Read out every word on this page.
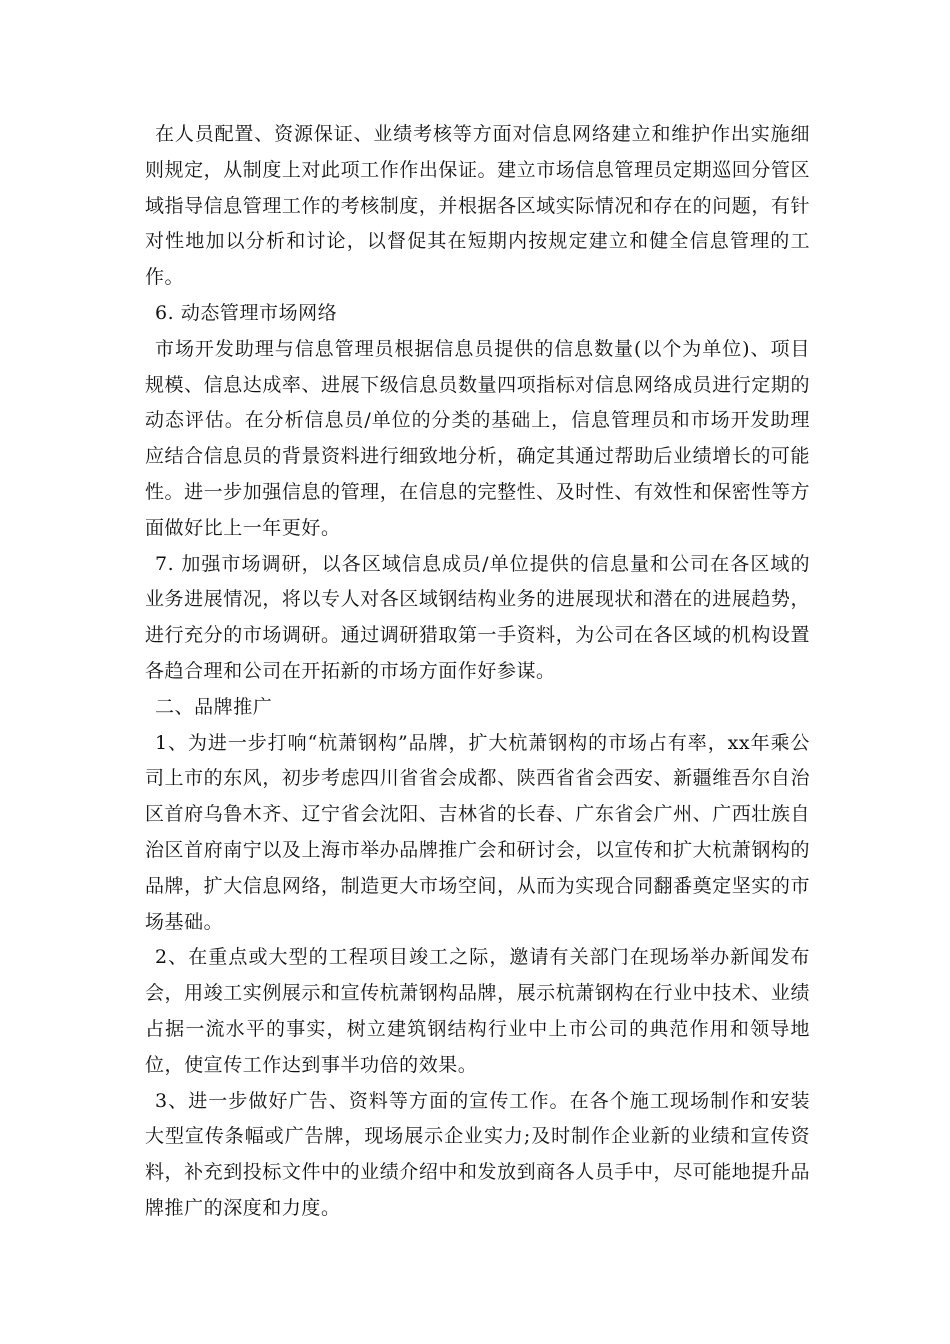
在人员配置、资源保证、业绩考核等方面对信息网络建立和维护作出实施细则规定，从制度上对此项工作作出保证。建立市场信息管理员定期巡回分管区域指导信息管理工作的考核制度，并根据各区域实际情况和存在的问题，有针对性地加以分析和讨论，以督促其在短期内按规定建立和健全信息管理的工作。

6. 动态管理市场网络

市场开发助理与信息管理员根据信息员提供的信息数量(以个为单位)、项目规模、信息达成率、进展下级信息员数量四项指标对信息网络成员进行定期的动态评估。在分析信息员/单位的分类的基础上，信息管理员和市场开发助理应结合信息员的背景资料进行细致地分析，确定其通过帮助后业绩增长的可能性。进一步加强信息的管理，在信息的完整性、及时性、有效性和保密性等方面做好比上一年更好。

7. 加强市场调研，以各区域信息成员/单位提供的信息量和公司在各区域的业务进展情况，将以专人对各区域钢结构业务的进展现状和潜在的进展趋势，进行充分的市场调研。通过调研猎取第一手资料，为公司在各区域的机构设置各趋合理和公司在开拓新的市场方面作好参谋。

二、品牌推广

1、为进一步打响“杭萧钢构”品牌，扩大杭萧钢构的市场占有率，xx年乘公司上市的东风，初步考虑四川省省会成都、陕西省省会西安、新疆维吾尔自治区首府乌鲁木齐、辽宁省会沈阳、吉林省的长春、广东省会广州、广西壮族自治区首府南宁以及上海市举办品牌推广会和研讨会，以宣传和扩大杭萧钢构的品牌，扩大信息网络，制造更大市场空间，从而为实现合同翻番奠定坚实的市场基础。

2、在重点或大型的工程项目竣工之际，邀请有关部门在现场举办新闻发布会，用竣工实例展示和宣传杭萧钢构品牌，展示杭萧钢构在行业中技术、业绩占据一流水平的事实，树立建筑钢结构行业中上市公司的典范作用和领导地位，使宣传工作达到事半功倍的效果。

3、进一步做好广告、资料等方面的宣传工作。在各个施工现场制作和安装大型宣传条幅或广告牌，现场展示企业实力;及时制作企业新的业绩和宣传资料，补充到投标文件中的业绩介绍中和发放到商各人员手中，尽可能地提升品牌推广的深度和力度。
